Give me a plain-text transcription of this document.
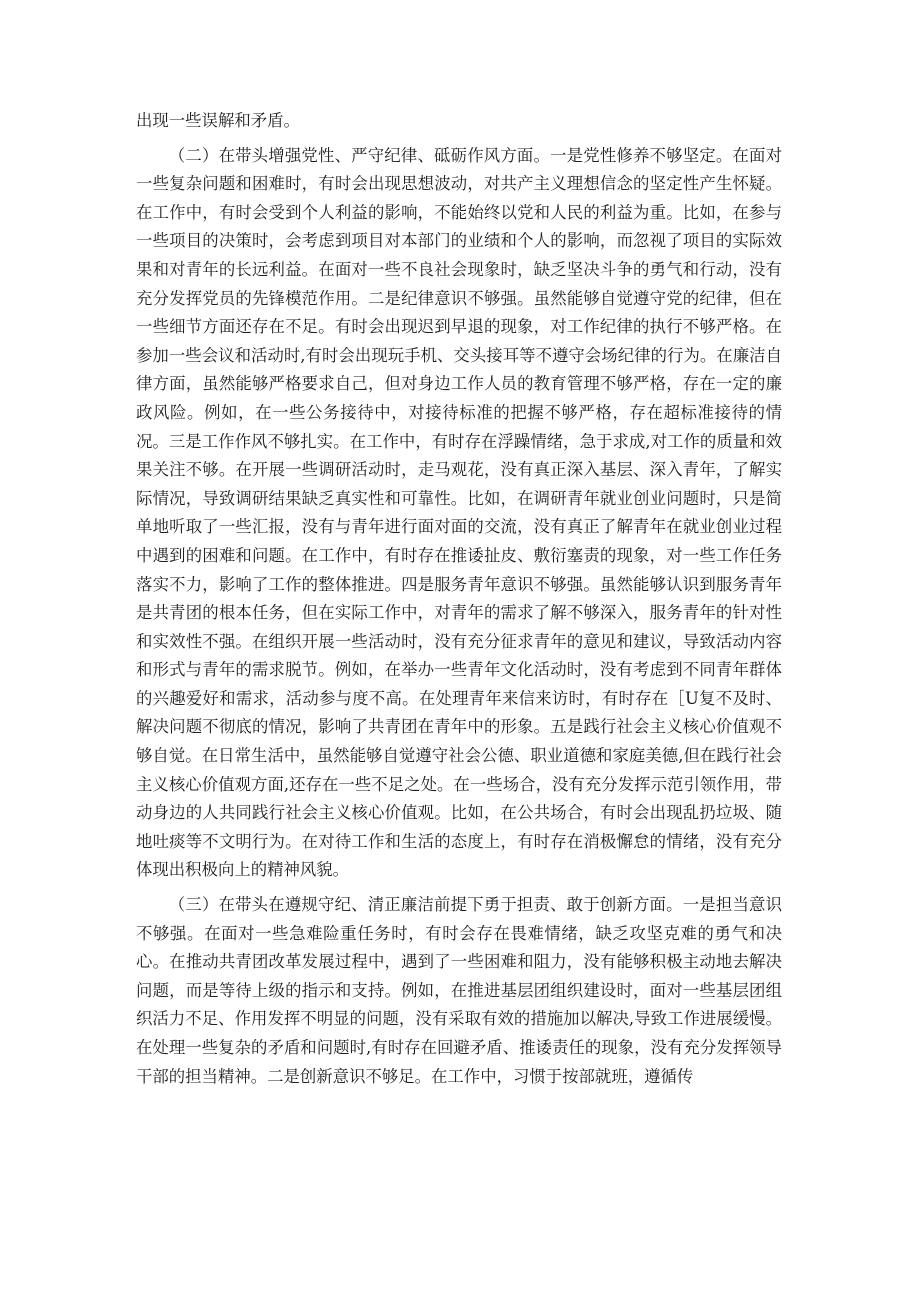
出现一些误解和矛盾。

（二）在带头增强党性、严守纪律、砥砺作风方面。一是党性修养不够坚定。在面对一些复杂问题和困难时，有时会出现思想波动，对共产主义理想信念的坚定性产生怀疑。在工作中，有时会受到个人利益的影响，不能始终以党和人民的利益为重。比如，在参与一些项目的决策时，会考虑到项目对本部门的业绩和个人的影响，而忽视了项目的实际效果和对青年的长远利益。在面对一些不良社会现象时，缺乏坚决斗争的勇气和行动，没有充分发挥党员的先锋模范作用。二是纪律意识不够强。虽然能够自觉遵守党的纪律，但在一些细节方面还存在不足。有时会出现迟到早退的现象，对工作纪律的执行不够严格。在参加一些会议和活动时,有时会出现玩手机、交头接耳等不遵守会场纪律的行为。在廉洁自律方面，虽然能够严格要求自己，但对身边工作人员的教育管理不够严格，存在一定的廉政风险。例如，在一些公务接待中，对接待标准的把握不够严格，存在超标准接待的情况。三是工作作风不够扎实。在工作中，有时存在浮躁情绪，急于求成,对工作的质量和效果关注不够。在开展一些调研活动时，走马观花，没有真正深入基层、深入青年，了解实际情况，导致调研结果缺乏真实性和可靠性。比如，在调研青年就业创业问题时，只是简单地听取了一些汇报，没有与青年进行面对面的交流，没有真正了解青年在就业创业过程中遇到的困难和问题。在工作中，有时存在推诿扯皮、敷衍塞责的现象，对一些工作任务落实不力，影响了工作的整体推进。四是服务青年意识不够强。虽然能够认识到服务青年是共青团的根本任务，但在实际工作中，对青年的需求了解不够深入，服务青年的针对性和实效性不强。在组织开展一些活动时，没有充分征求青年的意见和建议，导致活动内容和形式与青年的需求脱节。例如，在举办一些青年文化活动时，没有考虑到不同青年群体的兴趣爱好和需求，活动参与度不高。在处理青年来信来访时，有时存在［U复不及时、解决问题不彻底的情况，影响了共青团在青年中的形象。五是践行社会主义核心价值观不够自觉。在日常生活中，虽然能够自觉遵守社会公德、职业道德和家庭美德,但在践行社会主义核心价值观方面,还存在一些不足之处。在一些场合，没有充分发挥示范引领作用，带动身边的人共同践行社会主义核心价值观。比如，在公共场合，有时会出现乱扔垃圾、随地吐痰等不文明行为。在对待工作和生活的态度上，有时存在消极懈怠的情绪，没有充分体现出积极向上的精神风貌。

（三）在带头在遵规守纪、清正廉洁前提下勇于担责、敢于创新方面。一是担当意识不够强。在面对一些急难险重任务时，有时会存在畏难情绪，缺乏攻坚克难的勇气和决心。在推动共青团改革发展过程中，遇到了一些困难和阻力，没有能够积极主动地去解决问题，而是等待上级的指示和支持。例如，在推进基层团组织建设时，面对一些基层团组织活力不足、作用发挥不明显的问题，没有采取有效的措施加以解决,导致工作进展缓慢。在处理一些复杂的矛盾和问题时,有时存在回避矛盾、推诿责任的现象，没有充分发挥领导干部的担当精神。二是创新意识不够足。在工作中，习惯于按部就班，遵循传
